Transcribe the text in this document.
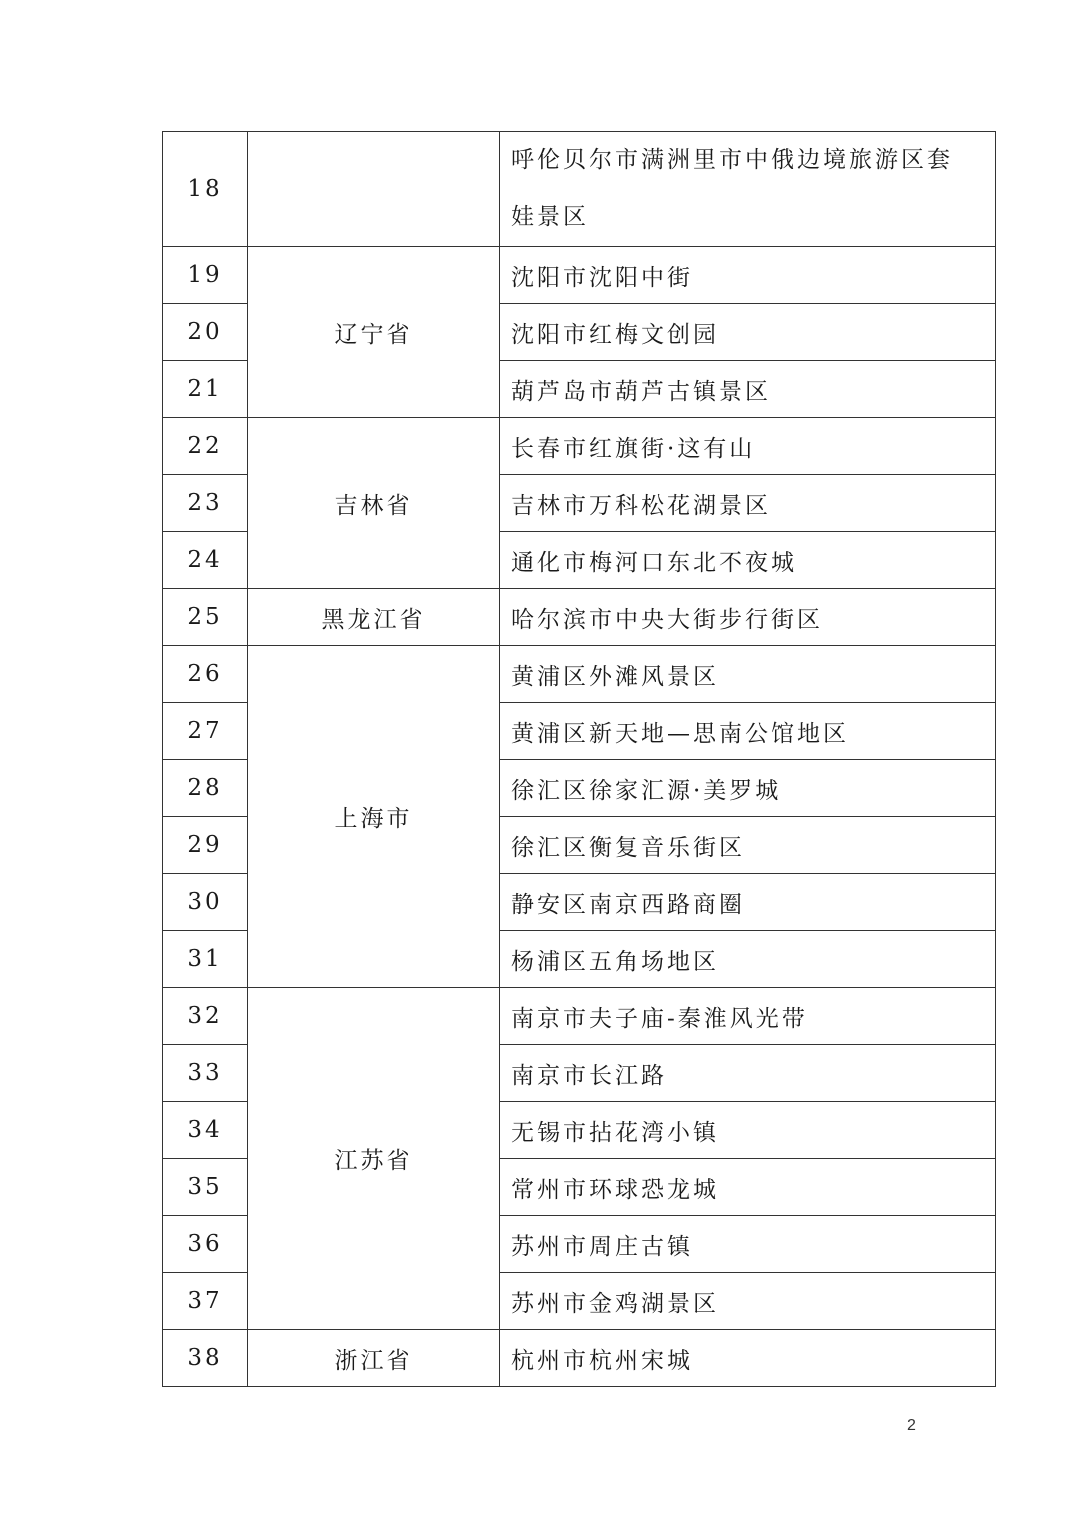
18		呼伦贝尔市满洲里市中俄边境旅游区套娃景区
19	辽宁省	沈阳市沈阳中街
20		沈阳市红梅文创园
21		葫芦岛市葫芦古镇景区
22	吉林省	长春市红旗街·这有山
23		吉林市万科松花湖景区
24		通化市梅河口东北不夜城
25	黑龙江省	哈尔滨市中央大街步行街区
26	上海市	黄浦区外滩风景区
27		黄浦区新天地—思南公馆地区
28		徐汇区徐家汇源·美罗城
29		徐汇区衡复音乐街区
30		静安区南京西路商圈
31		杨浦区五角场地区
32	江苏省	南京市夫子庙-秦淮风光带
33		南京市长江路
34		无锡市拈花湾小镇
35		常州市环球恐龙城
36		苏州市周庄古镇
37		苏州市金鸡湖景区
38	浙江省	杭州市杭州宋城
2
